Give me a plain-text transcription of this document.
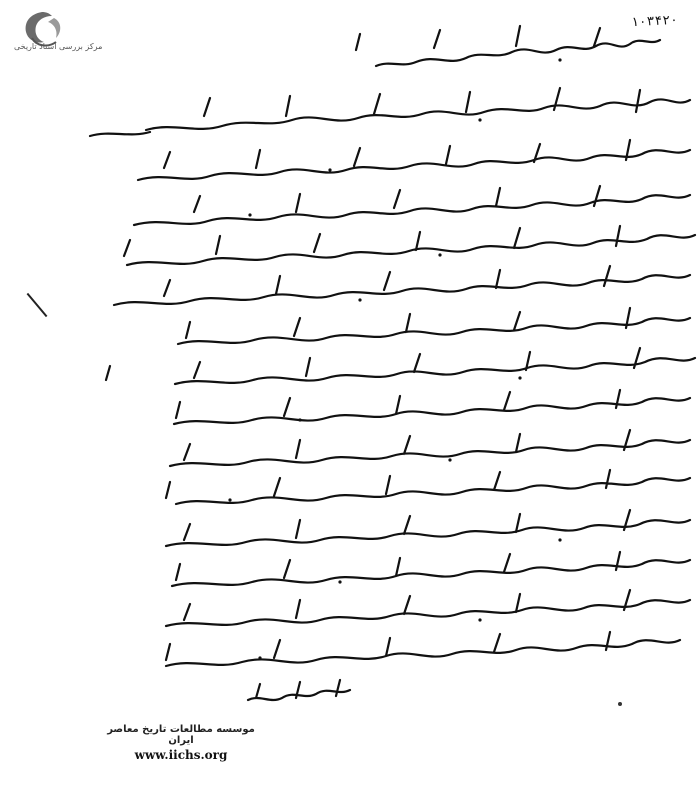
مرکز بررسی اسناد تاریخی
۱۰۳۴۲۰
موسسه مطالعات تاریخ معاصر ایران
www.iichs.org
